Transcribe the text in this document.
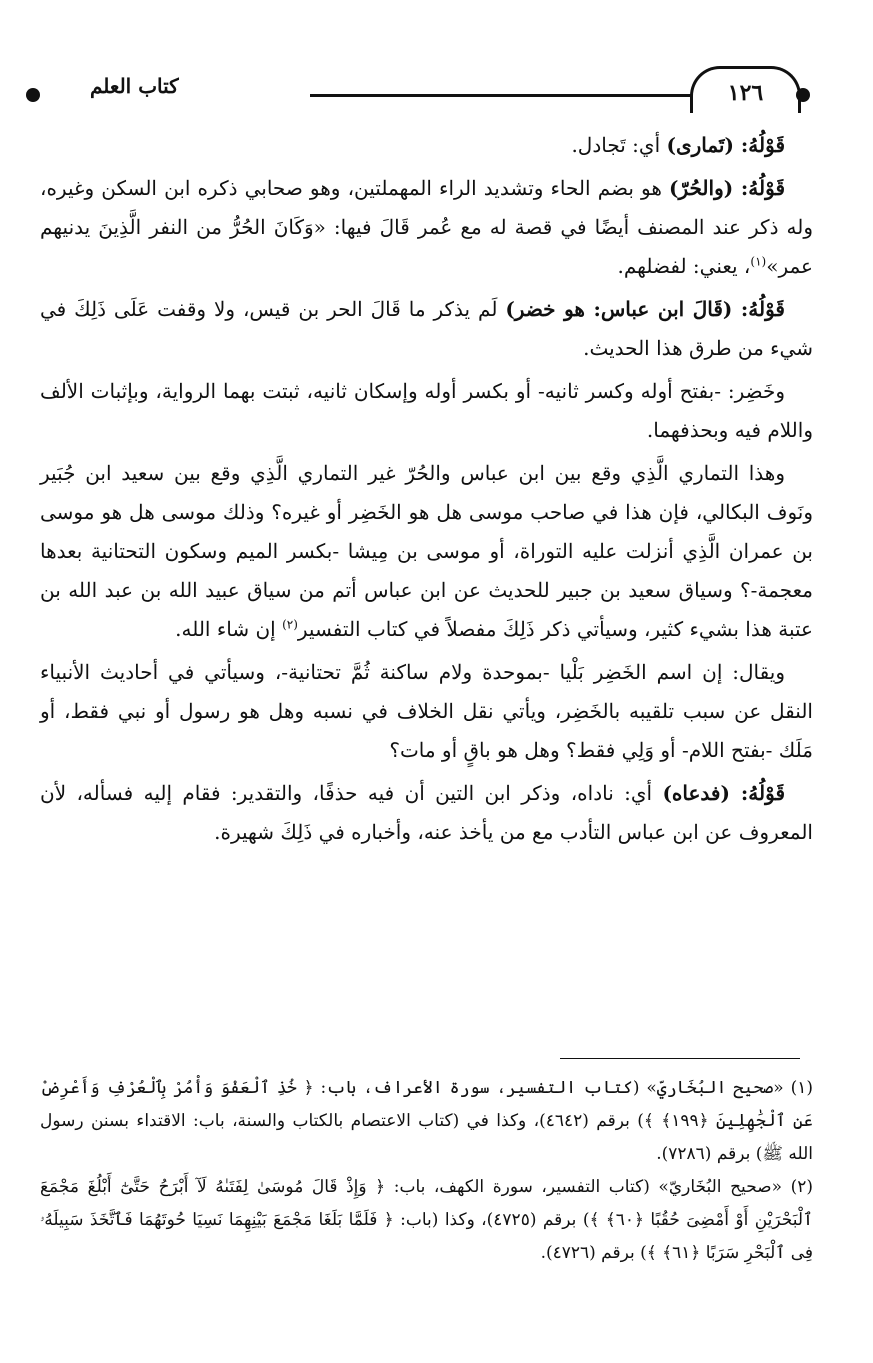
كتاب العلم	١٢٦

قَوْلُهُ: (تَمارى) أي: تَجادل.

قَوْلُهُ: (والحُرّ) هو بضم الحاء وتشديد الراء المهملتين، وهو صحابي ذكره ابن السكن وغيره، وله ذكر عند المصنف أيضًا في قصة له مع عُمر قَالَ فيها: «وَكَانَ الحُرُّ من النفر الَّذِينَ يدنيهم عمر»$^{(١)}$، يعني: لفضلهم.

قَوْلُهُ: (قَالَ ابن عباس: هو خضر) لَم يذكر ما قَالَ الحر بن قيس، ولا وقفت عَلَى ذَلِكَ في شيء من طرق هذا الحديث.

وخَضِر: -بفتح أوله وكسر ثانيه- أو بكسر أوله وإسكان ثانيه، ثبتت بهما الرواية، وبإثبات الألف واللام فيه وبحذفهما.

وهذا التماري الَّذِي وقع بين ابن عباس والحُرّ غير التماري الَّذِي وقع بين سعيد ابن جُبَير ونَوف البكالي، فإن هذا في صاحب موسى هل هو الخَضِر أو غيره؟ وذلك موسى هل هو موسى بن عمران الَّذِي أنزلت عليه التوراة، أو موسى بن مِيشا -بكسر الميم وسكون التحتانية بعدها معجمة-؟ وسياق سعيد بن جبير للحديث عن ابن عباس أتم من سياق عبيد الله بن عبد الله بن عتبة هذا بشيء كثير، وسيأتي ذكر ذَلِكَ مفصلاً في كتاب التفسير$^{(٢)}$ إن شاء الله.

ويقال: إن اسم الخَضِر بَلْيا -بموحدة ولام ساكنة ثُمَّ تحتانية-، وسيأتي في أحاديث الأنبياء النقل عن سبب تلقيبه بالخَضِر، ويأتي نقل الخلاف في نسبه وهل هو رسول أو نبي فقط، أو مَلَك -بفتح اللام- أو وَلِي فقط؟ وهل هو باقٍ أو مات؟

قَوْلُهُ: (فدعاه) أي: ناداه، وذكر ابن التين أن فيه حذفًا، والتقدير: فقام إليه فسأله، لأن المعروف عن ابن عباس التأدب مع من يأخذ عنه، وأخباره في ذَلِكَ شهيرة.

(١) «صحيح البُخَاريّ» (كتاب التفسير، سورة الأعراف، باب: ﴿ خُذِ ٱلْعَفْوَ وَأْمُرْ بِٱلْعُرْفِ وَأَعْرِضْ عَنِ ٱلْجَٰهِلِينَ ﴿١٩٩﴾ ﴾) برقم (٤٦٤٢)، وكذا في (كتاب الاعتصام بالكتاب والسنة، باب: الاقتداء بسنن رسول الله ﷺ) برقم (٧٢٨٦).

(٢) «صحيح البُخَاريّ» (كتاب التفسير، سورة الكهف، باب: ﴿ وَإِذْ قَالَ مُوسَىٰ لِفَتَىٰهُ لَآ أَبْرَحُ حَتَّىٰٓ أَبْلُغَ مَجْمَعَ ٱلْبَحْرَيْنِ أَوْ أَمْضِىَ حُقُبًا ﴿٦٠﴾ ﴾) برقم (٤٧٢٥)، وكذا (باب: ﴿ فَلَمَّا بَلَغَا مَجْمَعَ بَيْنِهِمَا نَسِيَا حُوتَهُمَا فَٱتَّخَذَ سَبِيلَهُۥ فِى ٱلْبَحْرِ سَرَبًا ﴿٦١﴾ ﴾) برقم (٤٧٢٦).
